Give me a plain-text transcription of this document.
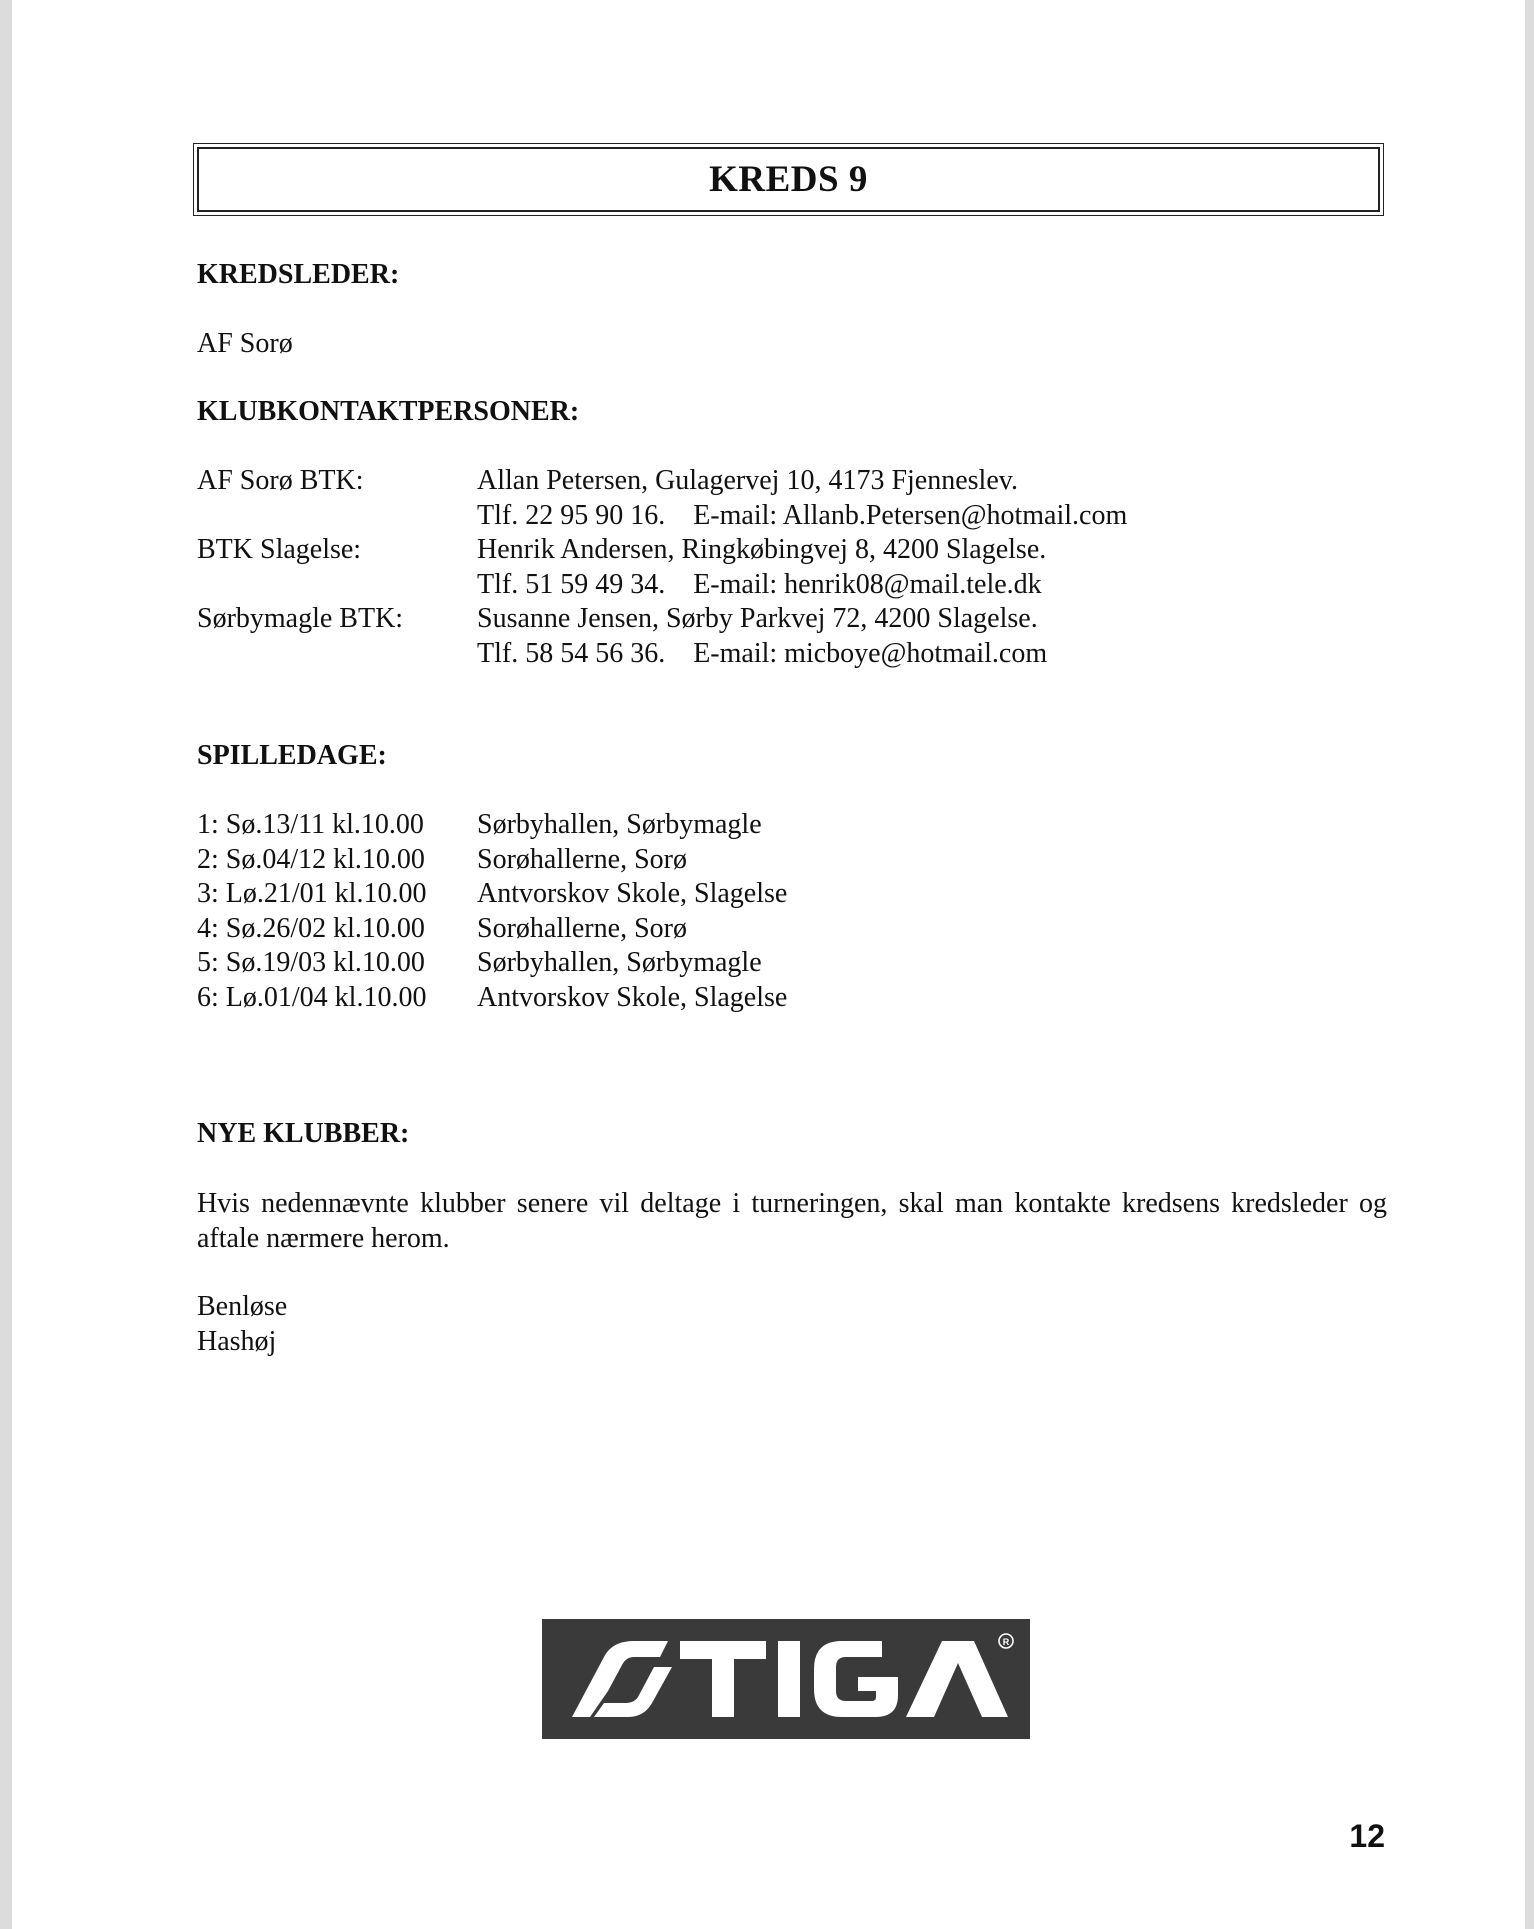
KREDS 9
KREDSLEDER:

AF Sorø

KLUBKONTAKTPERSONER:
AF Sorø BTK:	Allan Petersen, Gulagervej 10, 4173 Fjenneslev.
Tlf. 22 95 90 16.    E-mail: Allanb.Petersen@hotmail.com
BTK Slagelse:	Henrik Andersen, Ringkøbingvej 8, 4200 Slagelse.
Tlf. 51 59 49 34.    E-mail: henrik08@mail.tele.dk
Sørbymagle BTK:	Susanne Jensen, Sørby Parkvej 72, 4200 Slagelse.
Tlf. 58 54 56 36.    E-mail: micboye@hotmail.com
SPILLEDAGE:
1: Sø.13/11 kl.10.00 Sørbyhallen, Sørbymagle
2: Sø.04/12 kl.10.00 Sorøhallerne, Sorø
3: Lø.21/01 kl.10.00 Antvorskov Skole, Slagelse
4: Sø.26/02 kl.10.00 Sorøhallerne, Sorø
5: Sø.19/03 kl.10.00 Sørbyhallen, Sørbymagle
6: Lø.01/04 kl.10.00 Antvorskov Skole, Slagelse
NYE KLUBBER:

Hvis nedennævnte klubber senere vil deltage i turneringen, skal man kontakte kredsens kredsleder og aftale nærmere herom.

Benløse
Hashøj
R
12
